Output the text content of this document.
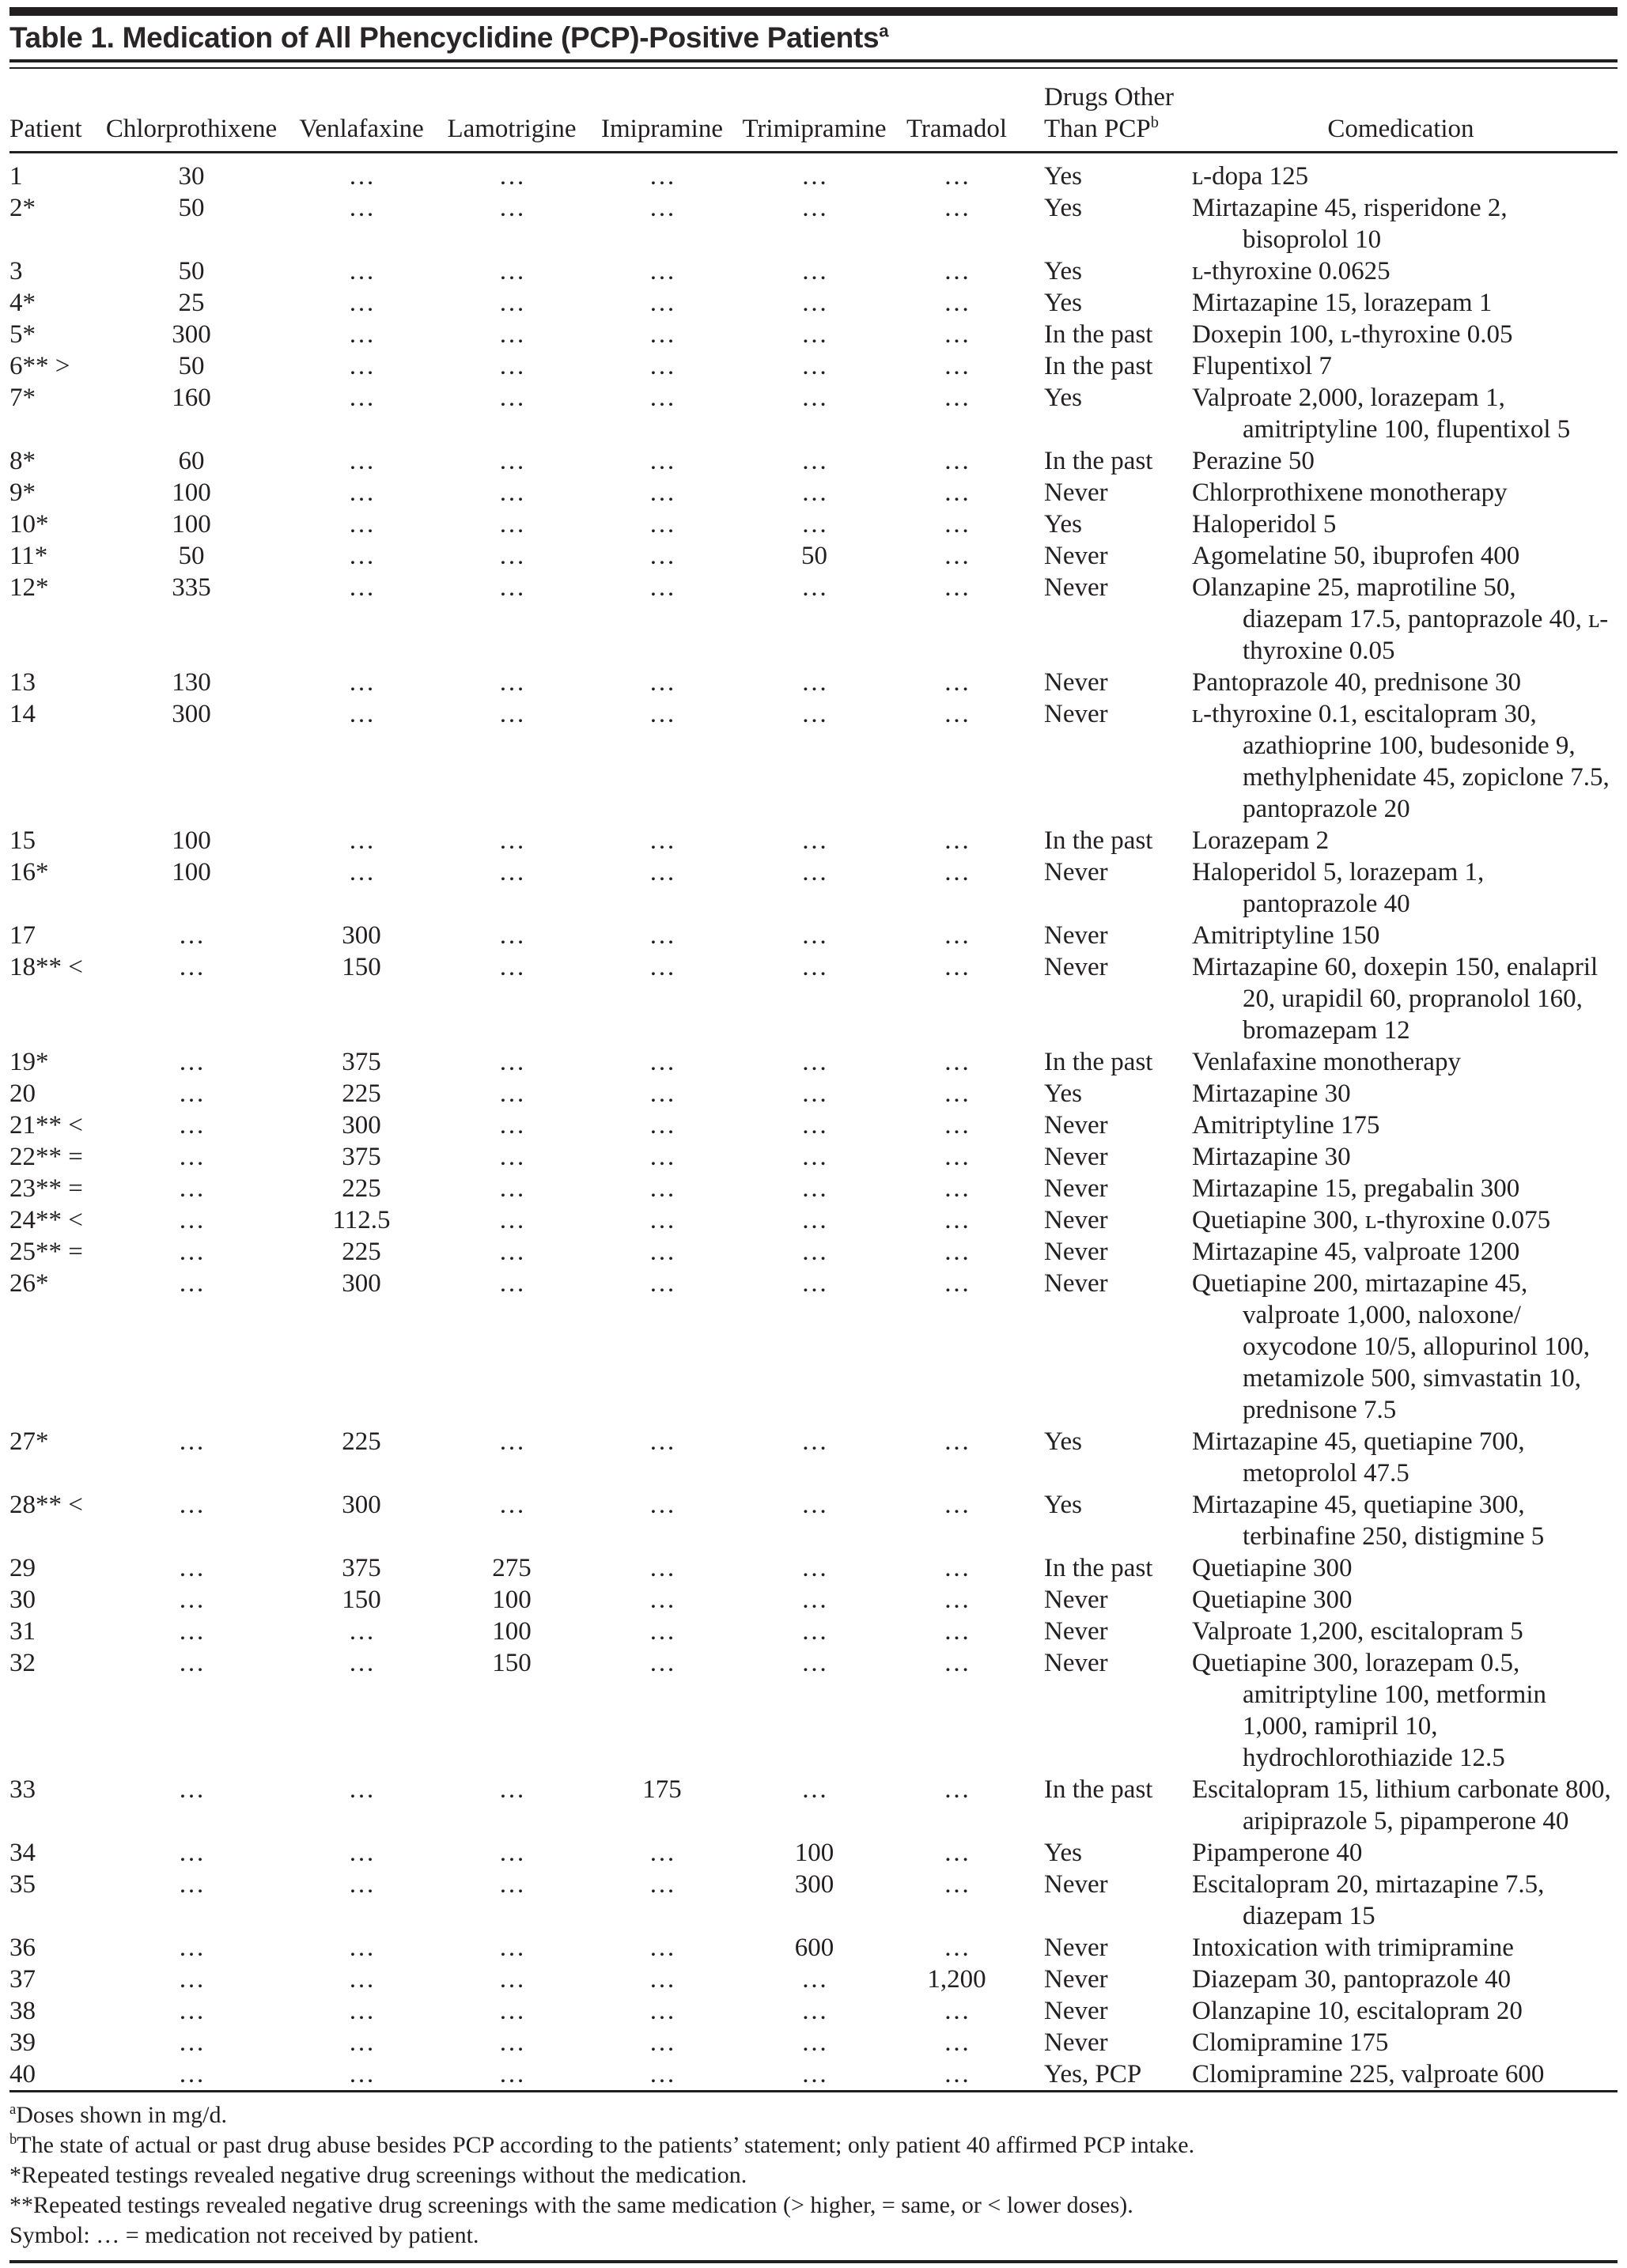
Table 1. Medication of All Phencyclidine (PCP)-Positive Patients$^a$
Patient	Chlorprothixene	Venlafaxine	Lamotrigine	Imipramine	Trimipramine	Tramadol	Drugs Other
Than PCP$^b$	Comedication
1	30	…	…	…	…	…	Yes	ʟ-dopa 125
2*	50	…	…	…	…	…	Yes	Mirtazapine 45, risperidone 2, bisoprolol 10
3	50	…	…	…	…	…	Yes	ʟ-thyroxine 0.0625
4*	25	…	…	…	…	…	Yes	Mirtazapine 15, lorazepam 1
5*	300	…	…	…	…	…	In the past	Doxepin 100, ʟ-thyroxine 0.05
6** >	50	…	…	…	…	…	In the past	Flupentixol 7
7*	160	…	…	…	…	…	Yes	Valproate 2,000, lorazepam 1, amitriptyline 100, flupentixol 5
8*	60	…	…	…	…	…	In the past	Perazine 50
9*	100	…	…	…	…	…	Never	Chlorprothixene monotherapy
10*	100	…	…	…	…	…	Yes	Haloperidol 5
11*	50	…	…	…	50	…	Never	Agomelatine 50, ibuprofen 400
12*	335	…	…	…	…	…	Never	Olanzapine 25, maprotiline 50, diazepam 17.5, pantoprazole 40, ʟ-thyroxine 0.05
13	130	…	…	…	…	…	Never	Pantoprazole 40, prednisone 30
14	300	…	…	…	…	…	Never	ʟ-thyroxine 0.1, escitalopram 30, azathioprine 100, budesonide 9, methylphenidate 45, zopiclone 7.5, pantoprazole 20
15	100	…	…	…	…	…	In the past	Lorazepam 2
16*	100	…	…	…	…	…	Never	Haloperidol 5, lorazepam 1, pantoprazole 40
17	…	300	…	…	…	…	Never	Amitriptyline 150
18** <	…	150	…	…	…	…	Never	Mirtazapine 60, doxepin 150, enalapril 20, urapidil 60, propranolol 160, bromazepam 12
19*	…	375	…	…	…	…	In the past	Venlafaxine monotherapy
20	…	225	…	…	…	…	Yes	Mirtazapine 30
21** <	…	300	…	…	…	…	Never	Amitriptyline 175
22** =	…	375	…	…	…	…	Never	Mirtazapine 30
23** =	…	225	…	…	…	…	Never	Mirtazapine 15, pregabalin 300
24** <	…	112.5	…	…	…	…	Never	Quetiapine 300, ʟ-thyroxine 0.075
25** =	…	225	…	…	…	…	Never	Mirtazapine 45, valproate 1200
26*	…	300	…	…	…	…	Never	Quetiapine 200, mirtazapine 45, valproate 1,000, naloxone/​oxycodone 10/5, allopurinol 100, metamizole 500, simvastatin 10, prednisone 7.5
27*	…	225	…	…	…	…	Yes	Mirtazapine 45, quetiapine 700, metoprolol 47.5
28** <	…	300	…	…	…	…	Yes	Mirtazapine 45, quetiapine 300, terbinafine 250, distigmine 5
29	…	375	275	…	…	…	In the past	Quetiapine 300
30	…	150	100	…	…	…	Never	Quetiapine 300
31	…	…	100	…	…	…	Never	Valproate 1,200, escitalopram 5
32	…	…	150	…	…	…	Never	Quetiapine 300, lorazepam 0.5, amitriptyline 100, metformin 1,000, ramipril 10, hydrochlorothiazide 12.5
33	…	…	…	175	…	…	In the past	Escitalopram 15, lithium carbonate 800, aripiprazole 5, pipamperone 40
34	…	…	…	…	100	…	Yes	Pipamperone 40
35	…	…	…	…	300	…	Never	Escitalopram 20, mirtazapine 7.5, diazepam 15
36	…	…	…	…	600	…	Never	Intoxication with trimipramine
37	…	…	…	…	…	1,200	Never	Diazepam 30, pantoprazole 40
38	…	…	…	…	…	…	Never	Olanzapine 10, escitalopram 20
39	…	…	…	…	…	…	Never	Clomipramine 175
40	…	…	…	…	…	…	Yes, PCP	Clomipramine 225, valproate 600
$^a$Doses shown in mg/d.
$^b$The state of actual or past drug abuse besides PCP according to the patients’ statement; only patient 40 affirmed PCP intake.
*Repeated testings revealed negative drug screenings without the medication.
**Repeated testings revealed negative drug screenings with the same medication (> higher, = same, or < lower doses).
Symbol: … = medication not received by patient.
